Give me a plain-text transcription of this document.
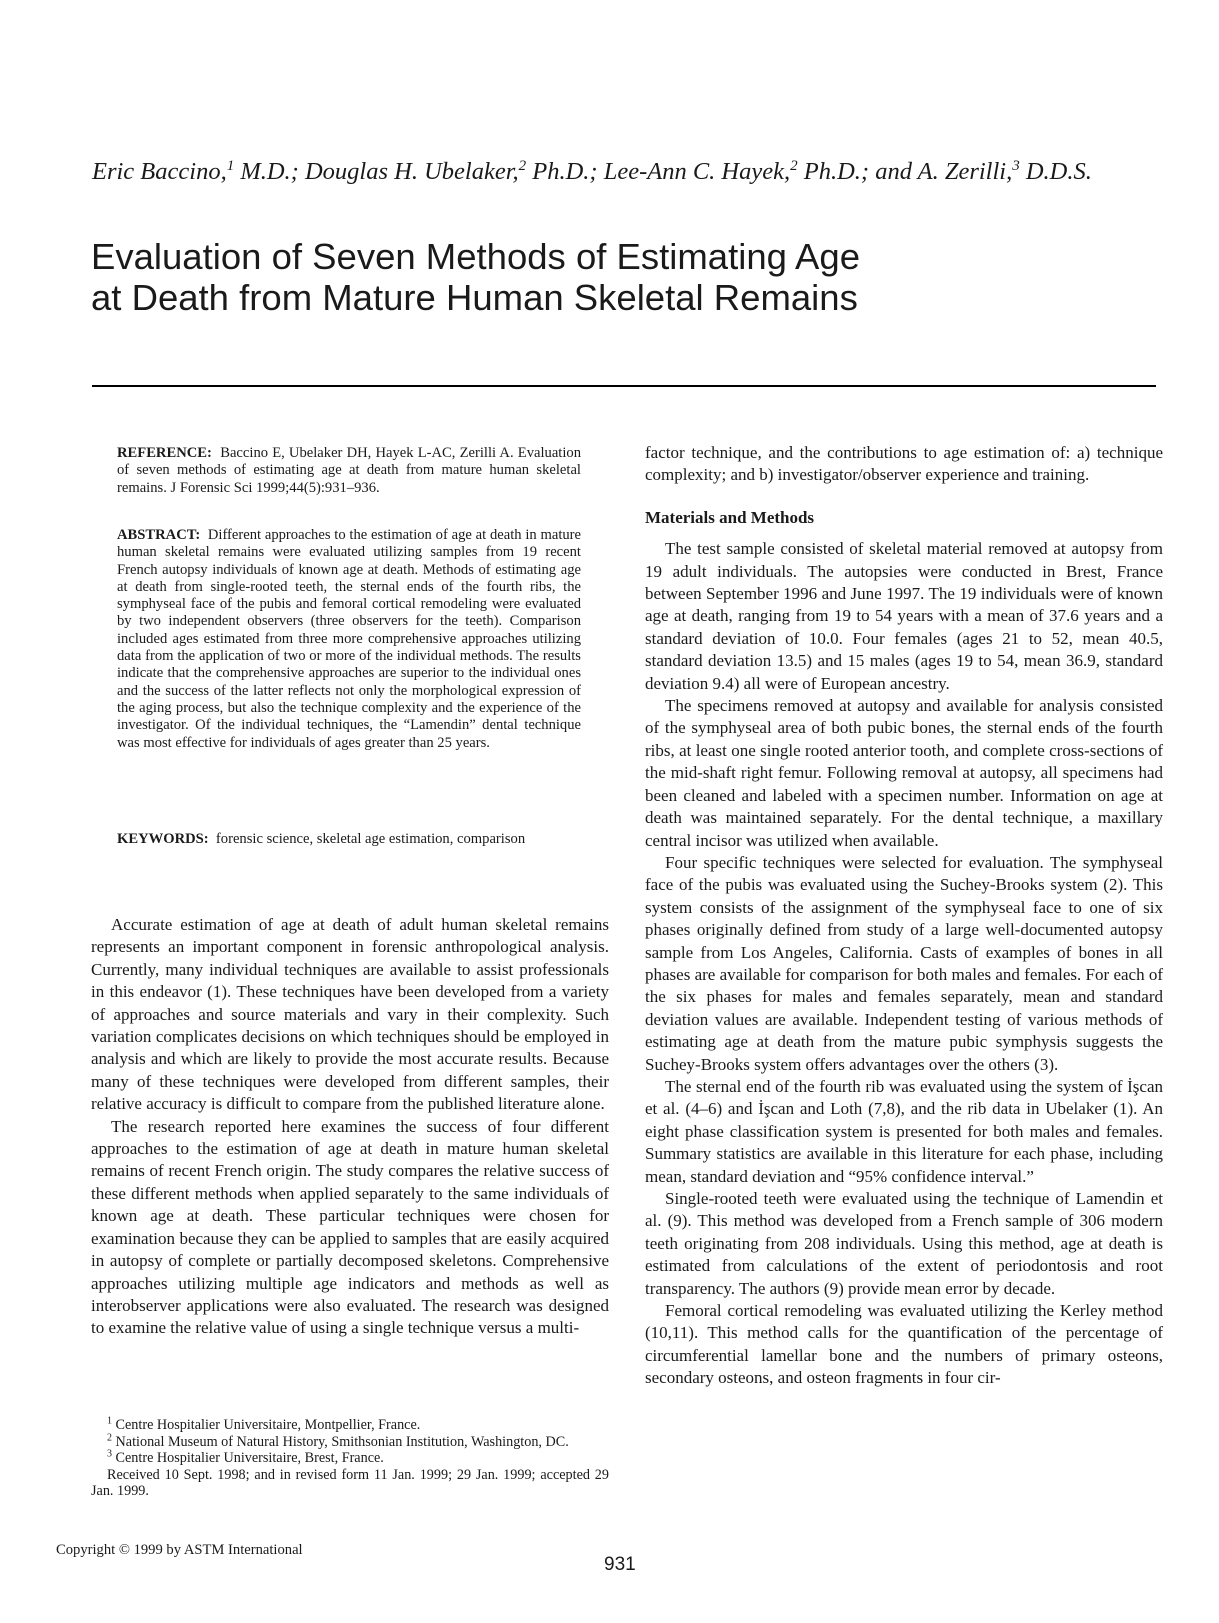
Eric Baccino,$^1$ M.D.; Douglas H. Ubelaker,$^2$ Ph.D.; Lee-Ann C. Hayek,$^2$ Ph.D.; and A. Zerilli,$^3$ D.D.S.
Evaluation of Seven Methods of Estimating Age
at Death from Mature Human Skeletal Remains
REFERENCE: Baccino E, Ubelaker DH, Hayek L-AC, Zerilli A. Evaluation of seven methods of estimating age at death from mature human skeletal remains. J Forensic Sci 1999;44(5):931–936.
ABSTRACT: Different approaches to the estimation of age at death in mature human skeletal remains were evaluated utilizing samples from 19 recent French autopsy individuals of known age at death. Methods of estimating age at death from single-rooted teeth, the sternal ends of the fourth ribs, the symphyseal face of the pubis and femoral cortical remodeling were evaluated by two independent observers (three observers for the teeth). Comparison included ages estimated from three more comprehensive approaches utilizing data from the application of two or more of the individual methods. The results indicate that the comprehensive approaches are superior to the individual ones and the success of the latter reflects not only the morphological expression of the aging process, but also the technique complexity and the experience of the investigator. Of the individual techniques, the “Lamendin” dental technique was most effective for individuals of ages greater than 25 years.
KEYWORDS: forensic science, skeletal age estimation, comparison

Accurate estimation of age at death of adult human skeletal remains represents an important component in forensic anthropological analysis. Currently, many individual techniques are available to assist professionals in this endeavor (1). These techniques have been developed from a variety of approaches and source materials and vary in their complexity. Such variation complicates decisions on which techniques should be employed in analysis and which are likely to provide the most accurate results. Because many of these techniques were developed from different samples, their relative accuracy is difficult to compare from the published literature alone.

The research reported here examines the success of four different approaches to the estimation of age at death in mature human skeletal remains of recent French origin. The study compares the relative success of these different methods when applied separately to the same individuals of known age at death. These particular techniques were chosen for examination because they can be applied to samples that are easily acquired in autopsy of complete or partially decomposed skeletons. Comprehensive approaches utilizing multiple age indicators and methods as well as interobserver applications were also evaluated. The research was designed to examine the relative value of using a single technique versus a multi-

factor technique, and the contributions to age estimation of: a) technique complexity; and b) investigator/observer experience and training.

Materials and Methods

The test sample consisted of skeletal material removed at autopsy from 19 adult individuals. The autopsies were conducted in Brest, France between September 1996 and June 1997. The 19 individuals were of known age at death, ranging from 19 to 54 years with a mean of 37.6 years and a standard deviation of 10.0. Four females (ages 21 to 52, mean 40.5, standard deviation 13.5) and 15 males (ages 19 to 54, mean 36.9, standard deviation 9.4) all were of European ancestry.

The specimens removed at autopsy and available for analysis consisted of the symphyseal area of both pubic bones, the sternal ends of the fourth ribs, at least one single rooted anterior tooth, and complete cross-sections of the mid-shaft right femur. Following removal at autopsy, all specimens had been cleaned and labeled with a specimen number. Information on age at death was maintained separately. For the dental technique, a maxillary central incisor was utilized when available.

Four specific techniques were selected for evaluation. The symphyseal face of the pubis was evaluated using the Suchey-Brooks system (2). This system consists of the assignment of the symphyseal face to one of six phases originally defined from study of a large well-documented autopsy sample from Los Angeles, California. Casts of examples of bones in all phases are available for comparison for both males and females. For each of the six phases for males and females separately, mean and standard deviation values are available. Independent testing of various methods of estimating age at death from the mature pubic symphysis suggests the Suchey-Brooks system offers advantages over the others (3).

The sternal end of the fourth rib was evaluated using the system of İşcan et al. (4–6) and İşcan and Loth (7,8), and the rib data in Ubelaker (1). An eight phase classification system is presented for both males and females. Summary statistics are available in this literature for each phase, including mean, standard deviation and “95% confidence interval.”

Single-rooted teeth were evaluated using the technique of Lamendin et al. (9). This method was developed from a French sample of 306 modern teeth originating from 208 individuals. Using this method, age at death is estimated from calculations of the extent of periodontosis and root transparency. The authors (9) provide mean error by decade.

Femoral cortical remodeling was evaluated utilizing the Kerley method (10,11). This method calls for the quantification of the percentage of circumferential lamellar bone and the numbers of primary osteons, secondary osteons, and osteon fragments in four cir-

$^1$ Centre Hospitalier Universitaire, Montpellier, France.

$^2$ National Museum of Natural History, Smithsonian Institution, Washington, DC.

$^3$ Centre Hospitalier Universitaire, Brest, France.

Received 10 Sept. 1998; and in revised form 11 Jan. 1999; 29 Jan. 1999; accepted 29 Jan. 1999.

Copyright © 1999 by ASTM International
931
